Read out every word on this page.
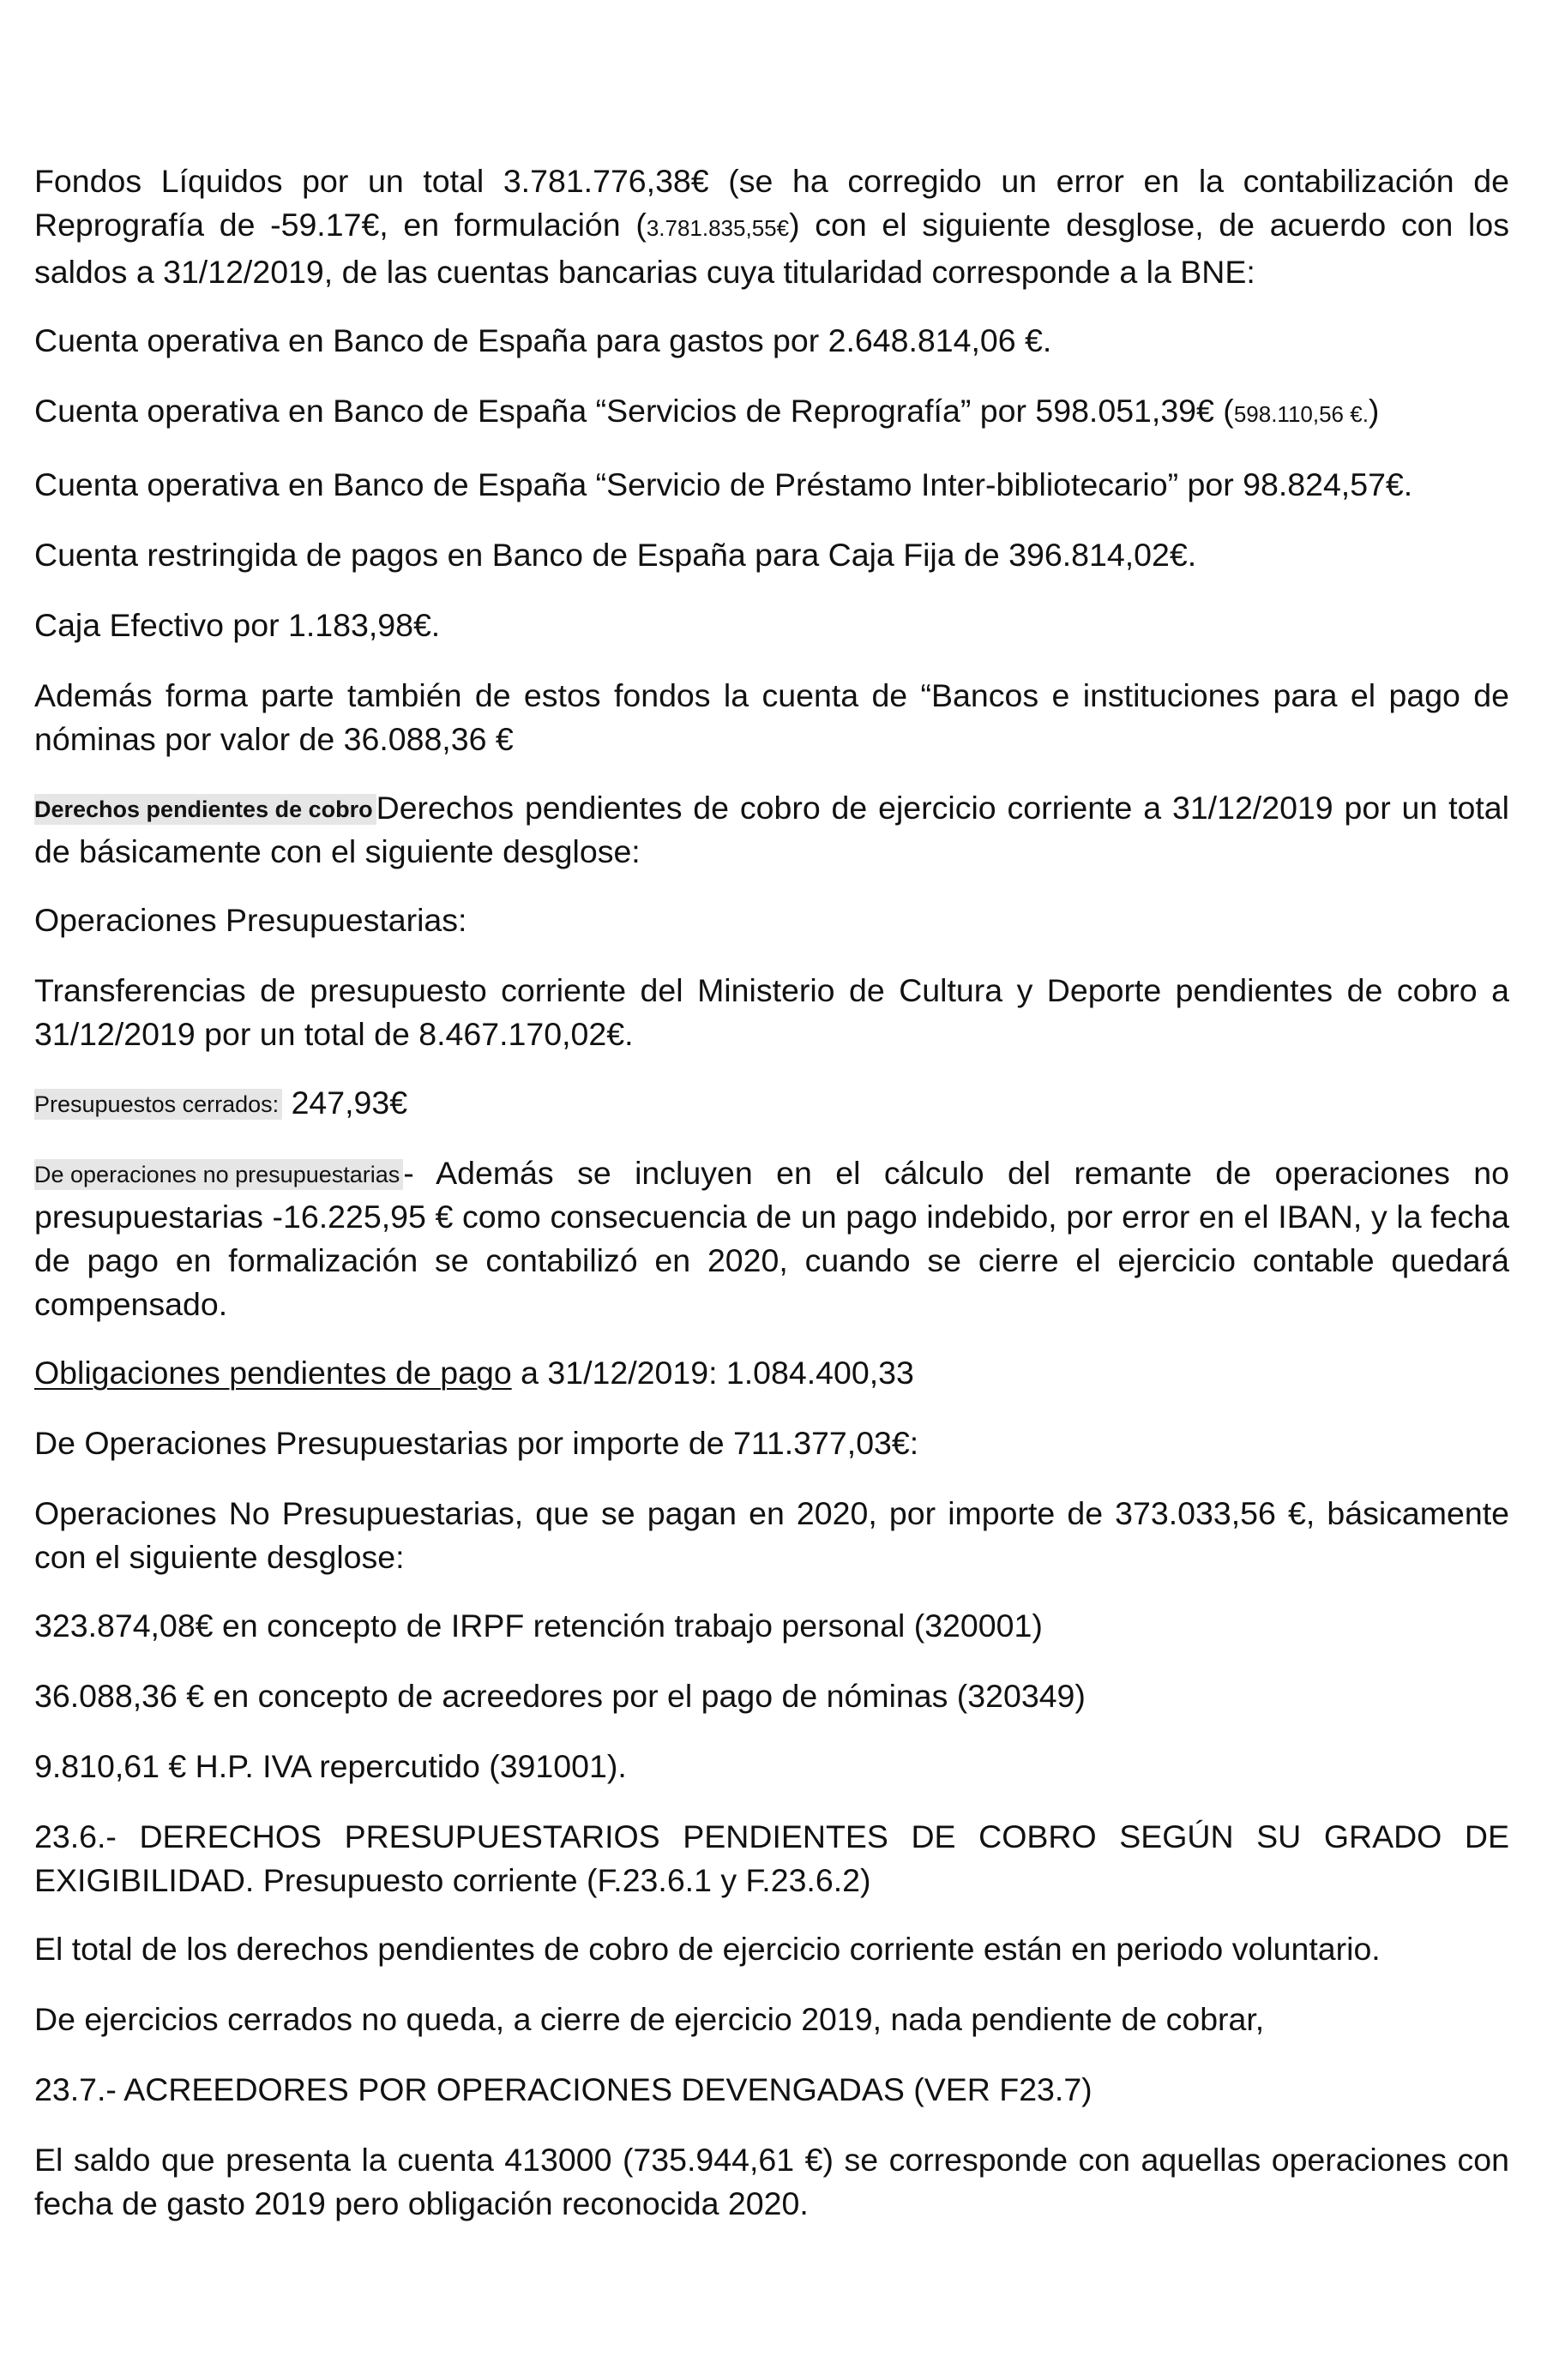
Fondos Líquidos por un total 3.781.776,38€ (se ha corregido un error en la contabilización de Reprografía de -59.17€, en formulación (3.781.835,55€) con el siguiente desglose, de acuerdo con los saldos a 31/12/2019, de las cuentas bancarias cuya titularidad corresponde a la BNE:

Cuenta operativa en Banco de España para gastos por 2.648.814,06 €.

Cuenta operativa en Banco de España “Servicios de Reprografía” por 598.051,39€ (598.110,56 €.)

Cuenta operativa en Banco de España “Servicio de Préstamo Inter-bibliotecario” por 98.824,57€.

Cuenta restringida de pagos en Banco de España para Caja Fija de 396.814,02€.

Caja Efectivo por 1.183,98€.

Además forma parte también de estos fondos la cuenta de “Bancos e instituciones para el pago de nóminas por valor de 36.088,36 €

Derechos pendientes de cobro Derechos pendientes de cobro de ejercicio corriente a 31/12/2019 por un total de básicamente con el siguiente desglose:

Operaciones Presupuestarias:

Transferencias de presupuesto corriente del Ministerio de Cultura y Deporte pendientes de cobro a 31/12/2019 por un total de 8.467.170,02€.

Presupuestos cerrados: 247,93€

De operaciones no presupuestarias - Además se incluyen en el cálculo del remante de operaciones no presupuestarias -16.225,95 € como consecuencia de un pago indebido, por error en el IBAN, y la fecha de pago en formalización se contabilizó en 2020, cuando se cierre el ejercicio contable quedará compensado.

Obligaciones pendientes de pago a 31/12/2019: 1.084.400,33

De Operaciones Presupuestarias por importe de 711.377,03€:

Operaciones No Presupuestarias, que se pagan en 2020, por importe de 373.033,56 €, básicamente con el siguiente desglose:

323.874,08€ en concepto de IRPF retención trabajo personal (320001)

36.088,36 € en concepto de acreedores por el pago de nóminas (320349)

9.810,61 € H.P. IVA repercutido (391001).

23.6.- DERECHOS PRESUPUESTARIOS PENDIENTES DE COBRO SEGÚN SU GRADO DE EXIGIBILIDAD. Presupuesto corriente (F.23.6.1 y F.23.6.2)

El total de los derechos pendientes de cobro de ejercicio corriente están en periodo voluntario.

De ejercicios cerrados no queda, a cierre de ejercicio 2019, nada pendiente de cobrar,

23.7.- ACREEDORES POR OPERACIONES DEVENGADAS (VER F23.7)

El saldo que presenta la cuenta 413000 (735.944,61 €) se corresponde con aquellas operaciones con fecha de gasto 2019 pero obligación reconocida 2020.
